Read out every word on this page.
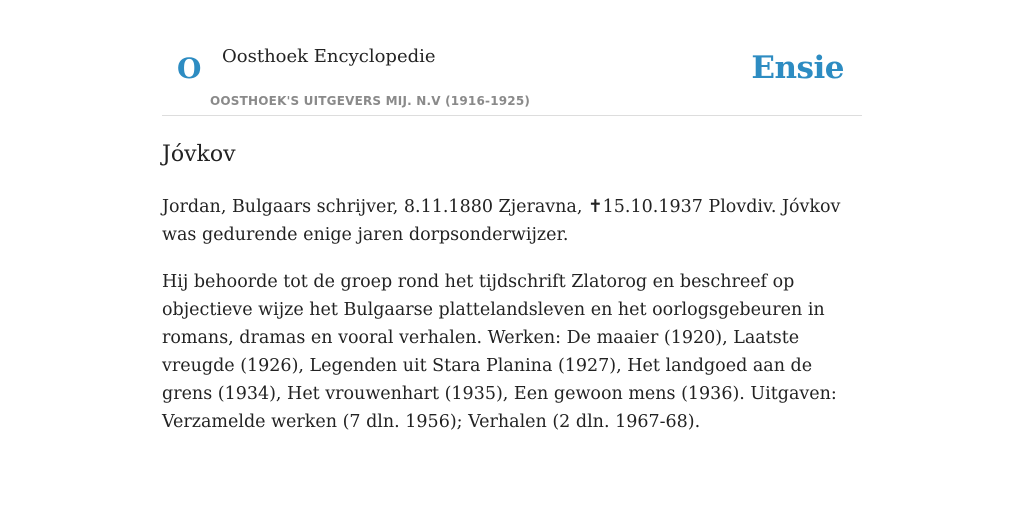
O Oosthoek Encyclopedie
OOSTHOEK'S UITGEVERS MIJ. N.V (1916-1925)
Ensie
Jóvkov

Jordan, Bulgaars schrijver, 8.11.1880 Zjeravna, ✝15.10.1937 Plovdiv. Jóvkov was gedurende enige jaren dorpsonderwijzer.

Hij behoorde tot de groep rond het tijdschrift Zlatorog en beschreef op objectieve wijze het Bulgaarse plattelandsleven en het oorlogsgebeuren in romans, dramas en vooral verhalen. Werken: De maaier (1920), Laatste vreugde (1926), Legenden uit Stara Planina (1927), Het landgoed aan de grens (1934), Het vrouwenhart (1935), Een gewoon mens (1936). Uitgaven: Verzamelde werken (7 dln. 1956); Verhalen (2 dln. 1967-68).
